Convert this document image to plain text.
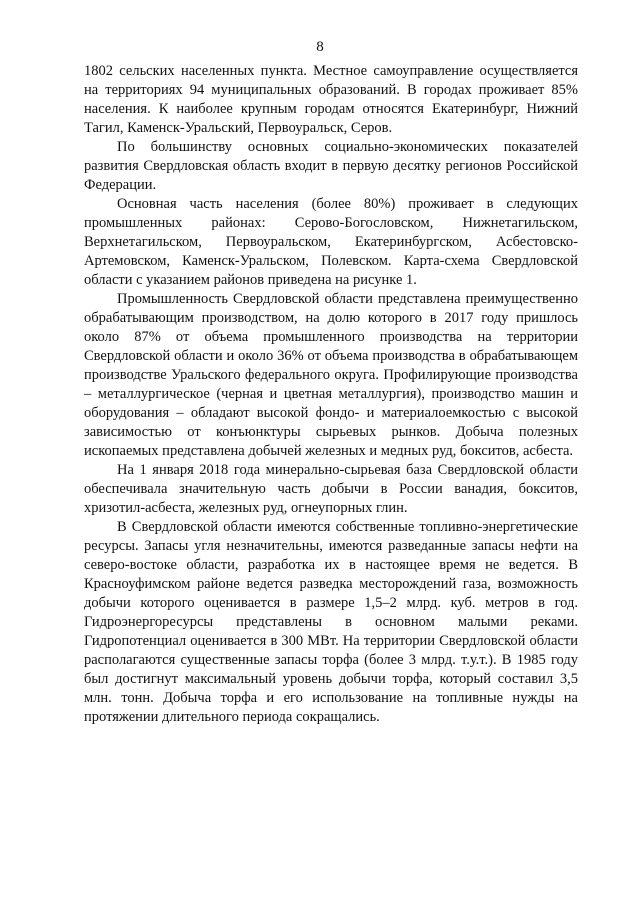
8

1802 сельских населенных пункта. Местное самоуправление осуществляется на территориях 94 муниципальных образований. В городах проживает 85% населения. К наиболее крупным городам относятся Екатеринбург, Нижний Тагил, Каменск-Уральский, Первоуральск, Серов.

По большинству основных социально-экономических показателей развития Свердловская область входит в первую десятку регионов Российской Федерации.

Основная часть населения (более 80%) проживает в следующих промышленных районах: Серово-Богословском, Нижнетагильском, Верхнетагильском, Первоуральском, Екатеринбургском, Асбестовско-Артемовском, Каменск-Уральском, Полевском. Карта-схема Свердловской области с указанием районов приведена на рисунке 1.

Промышленность Свердловской области представлена преимущественно обрабатывающим производством, на долю которого в 2017 году пришлось около 87% от объема промышленного производства на территории Свердловской области и около 36% от объема производства в обрабатывающем производстве Уральского федерального округа. Профилирующие производства – металлургическое (черная и цветная металлургия), производство машин и оборудования – обладают высокой фондо- и материалоемкостью с высокой зависимостью от конъюнктуры сырьевых рынков. Добыча полезных ископаемых представлена добычей железных и медных руд, бокситов, асбеста.

На 1 января 2018 года минерально-сырьевая база Свердловской области обеспечивала значительную часть добычи в России ванадия, бокситов, хризотил-асбеста, железных руд, огнеупорных глин.

В Свердловской области имеются собственные топливно-энергетические ресурсы. Запасы угля незначительны, имеются разведанные запасы нефти на северо-востоке области, разработка их в настоящее время не ведется. В Красноуфимском районе ведется разведка месторождений газа, возможность добычи которого оценивается в размере 1,5–2 млрд. куб. метров в год. Гидроэнергоресурсы представлены в основном малыми реками. Гидропотенциал оценивается в 300 МВт. На территории Свердловской области располагаются существенные запасы торфа (более 3 млрд. т.у.т.). В 1985 году был достигнут максимальный уровень добычи торфа, который составил 3,5 млн. тонн. Добыча торфа и его использование на топливные нужды на протяжении длительного периода сокращались.
